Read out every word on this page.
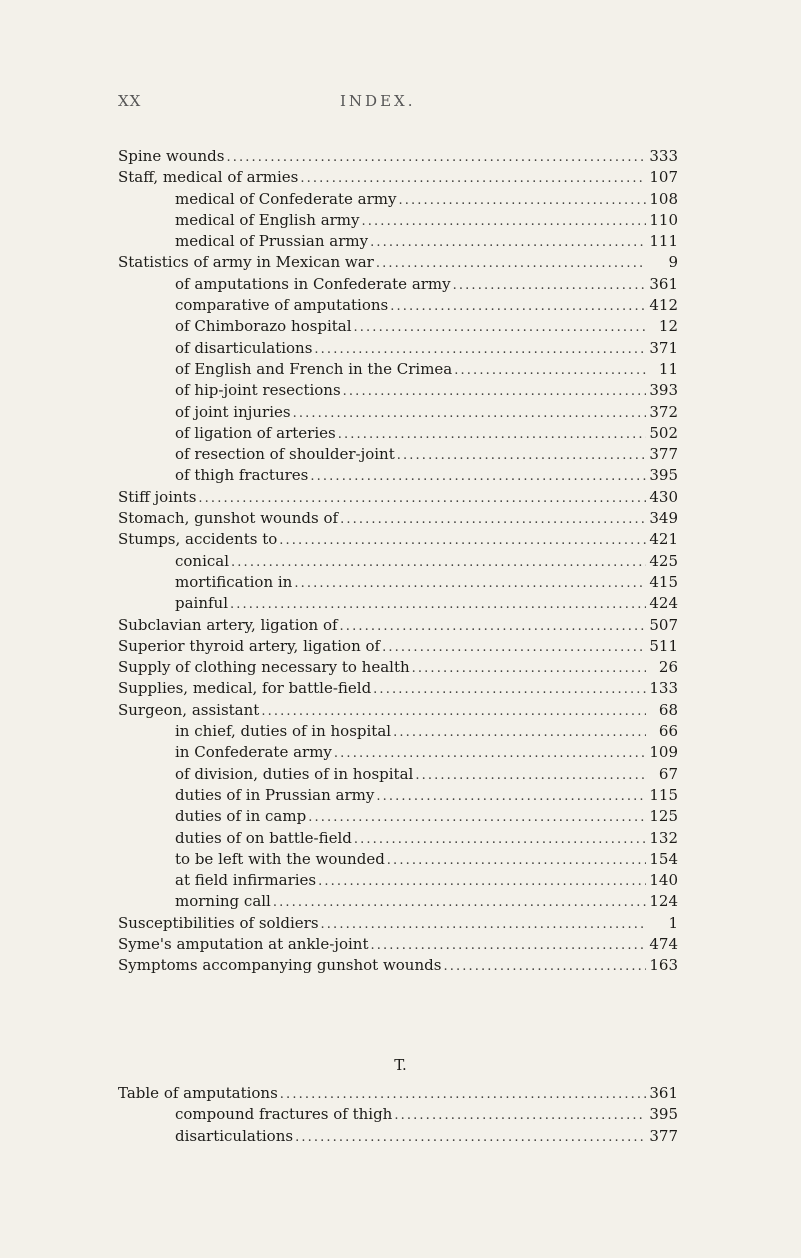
XX	INDEX.
Spine wounds . . .	333
Staff, medical of armies . . .	107
medical of Confederate army . . .	108
medical of English army . . .	110
medical of Prussian army . . .	111
Statistics of army in Mexican war . . .	9
of amputations in Confederate army . . .	361
comparative of amputations . . .	412
of Chimborazo hospital . . .	12
of disarticulations . . .	371
of English and French in the Crimea . . .	11
of hip-joint resections . . .	393
of joint injuries . . .	372
of ligation of arteries . . .	502
of resection of shoulder-joint . . .	377
of thigh fractures . . .	395
Stiff joints . . .	430
Stomach, gunshot wounds of . . .	349
Stumps, accidents to . . .	421
conical . . .	425
mortification in . . .	415
painful . . .	424
Subclavian artery, ligation of . . .	507
Superior thyroid artery, ligation of . . .	511
Supply of clothing necessary to health . . .	26
Supplies, medical, for battle-field . . .	133
Surgeon, assistant . . .	68
in chief, duties of in hospital . . .	66
in Confederate army . . .	109
of division, duties of in hospital . . .	67
duties of in Prussian army . . .	115
duties of in camp . . .	125
duties of on battle-field . . .	132
to be left with the wounded . . .	154
at field infirmaries . . .	140
morning call . . .	124
Susceptibilities of soldiers . . .	1
Syme's amputation at ankle-joint . . .	474
Symptoms accompanying gunshot wounds . . .	163
T.
Table of amputations . . .	361
compound fractures of thigh . . .	395
disarticulations . . .	377
